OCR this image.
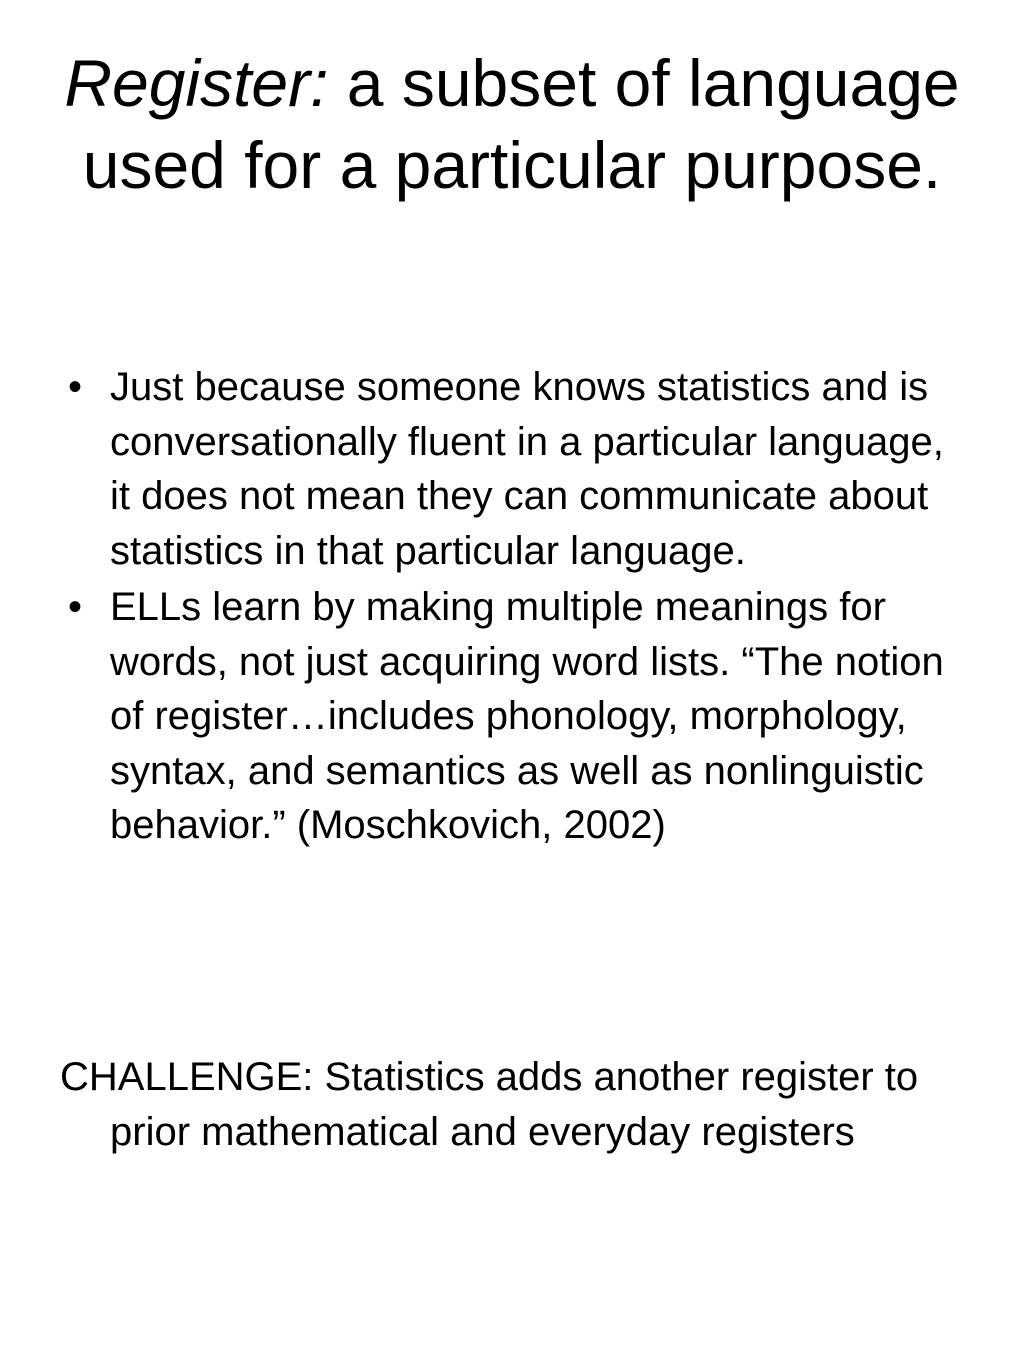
Register: a subset of language used for a particular purpose.
• Just because someone knows statistics and is conversationally fluent in a particular language, it does not mean they can communicate about statistics in that particular language.
• ELLs learn by making multiple meanings for words, not just acquiring word lists. “The notion of register…includes phonology, morphology, syntax, and semantics as well as nonlinguistic behavior.” (Moschkovich, 2002)

CHALLENGE: Statistics adds another register to prior mathematical and everyday registers
